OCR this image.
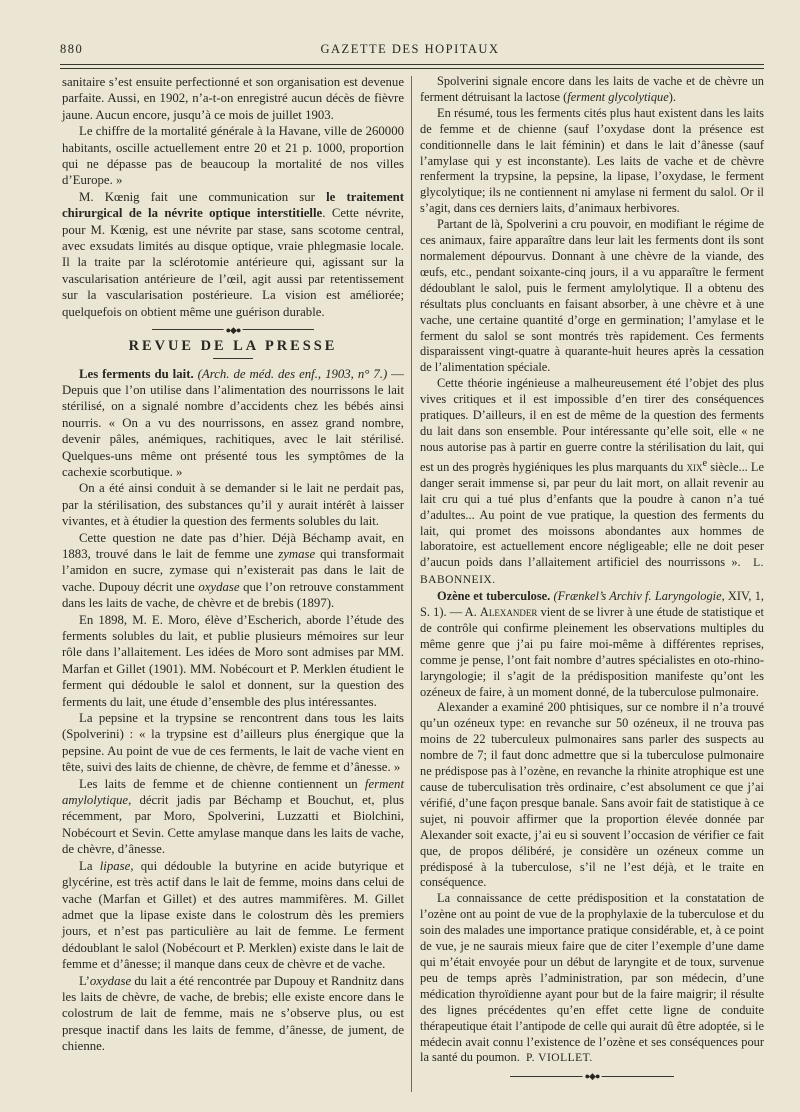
880	GAZETTE DES HOPITAUX

sanitaire s’est ensuite perfectionné et son organisation est devenue parfaite. Aussi, en 1902, n’a-t-on enregistré aucun décès de fièvre jaune. Aucun encore, jusqu’à ce mois de juillet 1903.

Le chiffre de la mortalité générale à la Havane, ville de 260000 habitants, oscille actuellement entre 20 et 21 p. 1000, proportion qui ne dépasse pas de beaucoup la mortalité de nos villes d’Europe. »

M. Kœnig fait une communication sur le traitement chirurgical de la névrite optique interstitielle. Cette névrite, pour M. Kœnig, est une névrite par stase, sans scotome central, avec exsudats limités au disque optique, vraie phlegmasie locale. Il la traite par la sclérotomie antérieure qui, agissant sur la vascularisation antérieure de l’œil, agit aussi par retentissement sur la vascularisation postérieure. La vision est améliorée; quelquefois on obtient même une guérison durable.

●◆●
REVUE DE LA PRESSE

Les ferments du lait. (Arch. de méd. des enf., 1903, n° 7.) — Depuis que l’on utilise dans l’alimentation des nourrissons le lait stérilisé, on a signalé nombre d’accidents chez les bébés ainsi nourris. « On a vu des nourrissons, en assez grand nombre, devenir pâles, anémiques, rachitiques, avec le lait stérilisé. Quelques-uns même ont présenté tous les symptômes de la cachexie scorbutique. »

On a été ainsi conduit à se demander si le lait ne perdait pas, par la stérilisation, des substances qu’il y aurait intérêt à laisser vivantes, et à étudier la question des ferments solubles du lait.

Cette question ne date pas d’hier. Déjà Béchamp avait, en 1883, trouvé dans le lait de femme une zymase qui transformait l’amidon en sucre, zymase qui n’existerait pas dans le lait de vache. Dupouy décrit une oxydase que l’on retrouve constamment dans les laits de vache, de chèvre et de brebis (1897).

En 1898, M. E. Moro, élève d’Escherich, aborde l’étude des ferments solubles du lait, et publie plusieurs mémoires sur leur rôle dans l’allaitement. Les idées de Moro sont admises par MM. Marfan et Gillet (1901). MM. Nobécourt et P. Merklen étudient le ferment qui dédouble le salol et donnent, sur la question des ferments du lait, une étude d’ensemble des plus intéressantes.

La pepsine et la trypsine se rencontrent dans tous les laits (Spolverini) : « la trypsine est d’ailleurs plus énergique que la pepsine. Au point de vue de ces ferments, le lait de vache vient en tête, suivi des laits de chienne, de chèvre, de femme et d’ânesse. »

Les laits de femme et de chienne contiennent un ferment amylolytique, décrit jadis par Béchamp et Bouchut, et, plus récemment, par Moro, Spolverini, Luzzatti et Biolchini, Nobécourt et Sevin. Cette amylase manque dans les laits de vache, de chèvre, d’ânesse.

La lipase, qui dédouble la butyrine en acide butyrique et glycérine, est très actif dans le lait de femme, moins dans celui de vache (Marfan et Gillet) et des autres mammifères. M. Gillet admet que la lipase existe dans le colostrum dès les premiers jours, et n’est pas particulière au lait de femme. Le ferment dédoublant le salol (Nobécourt et P. Merklen) existe dans le lait de femme et d’ânesse; il manque dans ceux de chèvre et de vache.

L’oxydase du lait a été rencontrée par Dupouy et Randnitz dans les laits de chèvre, de vache, de brebis; elle existe encore dans le colostrum de lait de femme, mais ne s’observe plus, ou est presque inactif dans les laits de femme, d’ânesse, de jument, de chienne.

Spolverini signale encore dans les laits de vache et de chèvre un ferment détruisant la lactose (ferment glycolytique).

En résumé, tous les ferments cités plus haut existent dans les laits de femme et de chienne (sauf l’oxydase dont la présence est conditionnelle dans le lait féminin) et dans le lait d’ânesse (sauf l’amylase qui y est inconstante). Les laits de vache et de chèvre renferment la trypsine, la pepsine, la lipase, l’oxydase, le ferment glycolytique; ils ne contiennent ni amylase ni ferment du salol. Or il s’agit, dans ces derniers laits, d’animaux herbivores.

Partant de là, Spolverini a cru pouvoir, en modifiant le régime de ces animaux, faire apparaître dans leur lait les ferments dont ils sont normalement dépourvus. Donnant à une chèvre de la viande, des œufs, etc., pendant soixante-cinq jours, il a vu apparaître le ferment dédoublant le salol, puis le ferment amylolytique. Il a obtenu des résultats plus concluants en faisant absorber, à une chèvre et à une vache, une certaine quantité d’orge en germination; l’amylase et le ferment du salol se sont montrés très rapidement. Ces ferments disparaissent vingt-quatre à quarante-huit heures après la cessation de l’alimentation spéciale.

Cette théorie ingénieuse a malheureusement été l’objet des plus vives critiques et il est impossible d’en tirer des conséquences pratiques. D’ailleurs, il en est de même de la question des ferments du lait dans son ensemble. Pour intéressante qu’elle soit, elle « ne nous autorise pas à partir en guerre contre la stérilisation du lait, qui est un des progrès hygiéniques les plus marquants du xix$^e$ siècle... Le danger serait immense si, par peur du lait mort, on allait revenir au lait cru qui a tué plus d’enfants que la poudre à canon n’a tué d’adultes... Au point de vue pratique, la question des ferments du lait, qui promet des moissons abondantes aux hommes de laboratoire, est actuellement encore négligeable; elle ne doit peser d’aucun poids dans l’allaitement artificiel des nourrissons ». L. BABONNEIX.

Ozène et tuberculose. (Frænkel’s Archiv f. Laryngologie, XIV, 1, S. 1). — A. Alexander vient de se livrer à une étude de statistique et de contrôle qui confirme pleinement les observations multiples du même genre que j’ai pu faire moi-même à différentes reprises, comme je pense, l’ont fait nombre d’autres spécialistes en oto-rhino-laryngologie; il s’agit de la prédisposition manifeste qu’ont les ozéneux de faire, à un moment donné, de la tuberculose pulmonaire.

Alexander a examiné 200 phtisiques, sur ce nombre il n’a trouvé qu’un ozéneux type: en revanche sur 50 ozéneux, il ne trouva pas moins de 22 tuberculeux pulmonaires sans parler des suspects au nombre de 7; il faut donc admettre que si la tuberculose pulmonaire ne prédispose pas à l’ozène, en revanche la rhinite atrophique est une cause de tuberculisation très ordinaire, c’est absolument ce que j’ai vérifié, d’une façon presque banale. Sans avoir fait de statistique à ce sujet, ni pouvoir affirmer que la proportion élevée donnée par Alexander soit exacte, j’ai eu si souvent l’occasion de vérifier ce fait que, de propos délibéré, je considère un ozéneux comme un prédisposé à la tuberculose, s’il ne l’est déjà, et le traite en conséquence.

La connaissance de cette prédisposition et la constatation de l’ozène ont au point de vue de la prophylaxie de la tuberculose et du soin des malades une importance pratique considérable, et, à ce point de vue, je ne saurais mieux faire que de citer l’exemple d’une dame qui m’était envoyée pour un début de laryngite et de toux, survenue peu de temps après l’administration, par son médecin, d’une médication thyroïdienne ayant pour but de la faire maigrir; il résulte des lignes précédentes qu’en effet cette ligne de conduite thérapeutique était l’antipode de celle qui aurait dû être adoptée, si le médecin avait connu l’existence de l’ozène et ses conséquences pour la santé du poumon. P. VIOLLET.

●◆●
